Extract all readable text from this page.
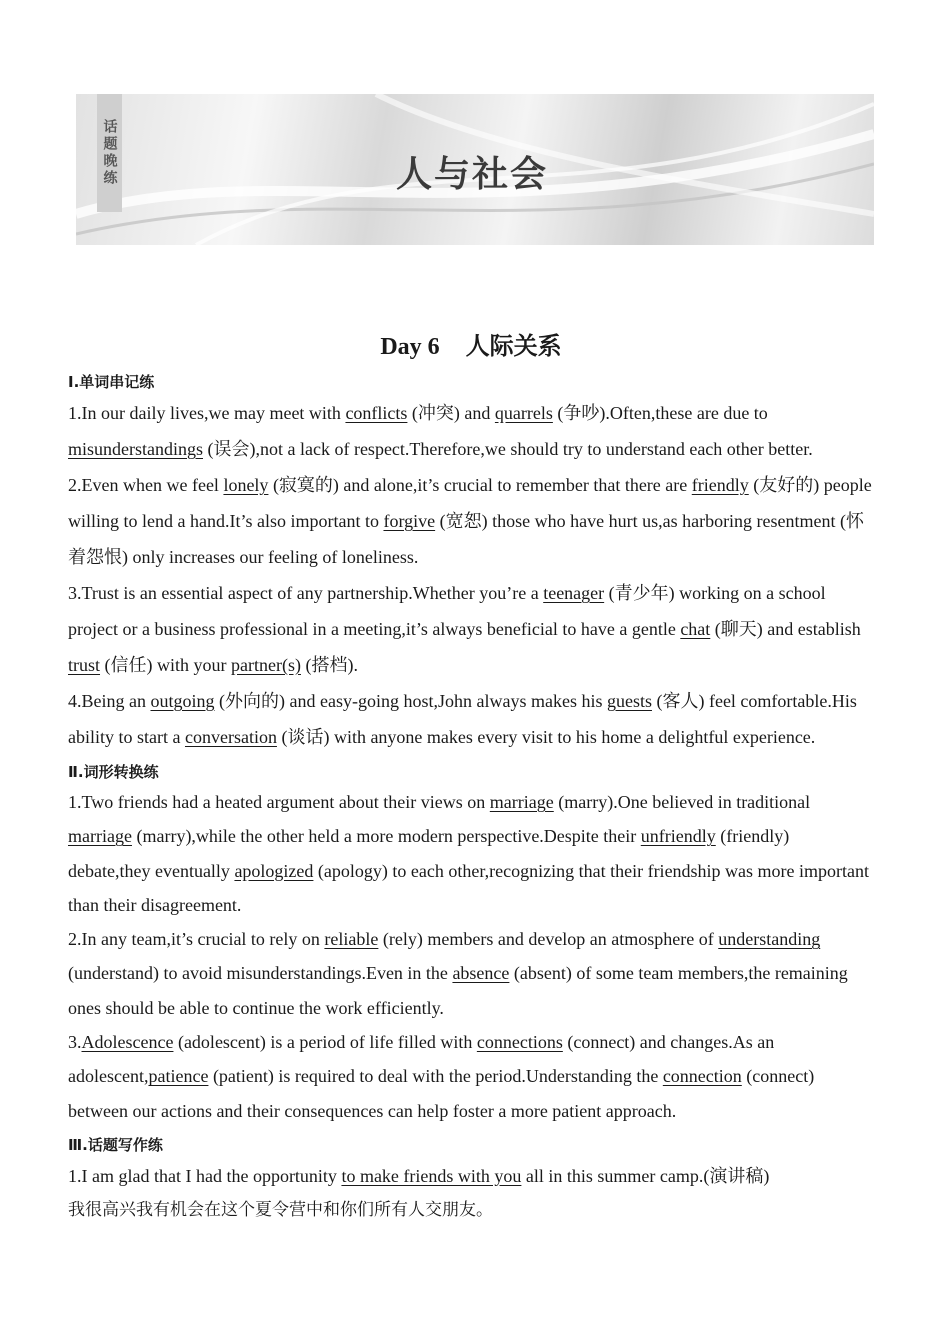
话题晚练	人与社会
Day 6 人际关系
Ⅰ.单词串记练

1.In our daily lives,we may meet with conflicts (冲突) and quarrels (争吵).Often,these are due to misunderstandings (误会),not a lack of respect.Therefore,we should try to understand each other better.

2.Even when we feel lonely (寂寞的) and alone,it’s crucial to remember that there are friendly (友好的) people willing to lend a hand.It’s also important to forgive (宽恕) those who have hurt us,as harboring resentment (怀着怨恨) only increases our feeling of loneliness.

3.Trust is an essential aspect of any partnership.Whether you’re a teenager (青少年) working on a school project or a business professional in a meeting,it’s always beneficial to have a gentle chat (聊天) and establish trust (信任) with your partner(s) (搭档).

4.Being an outgoing (外向的) and easy-going host,John always makes his guests (客人) feel comfortable.His ability to start a conversation (谈话) with anyone makes every visit to his home a delightful experience.

Ⅱ.词形转换练

1.Two friends had a heated argument about their views on marriage (marry).One believed in traditional marriage (marry),while the other held a more modern perspective.Despite their unfriendly (friendly) debate,they eventually apologized (apology) to each other,recognizing that their friendship was more important than their disagreement.

2.In any team,it’s crucial to rely on reliable (rely) members and develop an atmosphere of understanding (understand) to avoid misunderstandings.Even in the absence (absent) of some team members,the remaining ones should be able to continue the work efficiently.

3.Adolescence (adolescent) is a period of life filled with connections (connect) and changes.As an adolescent,patience (patient) is required to deal with the period.Understanding the connection (connect) between our actions and their consequences can help foster a more patient approach.

Ⅲ.话题写作练

1.I am glad that I had the opportunity to make friends with you all in this summer camp.(演讲稿)

我很高兴我有机会在这个夏令营中和你们所有人交朋友。
